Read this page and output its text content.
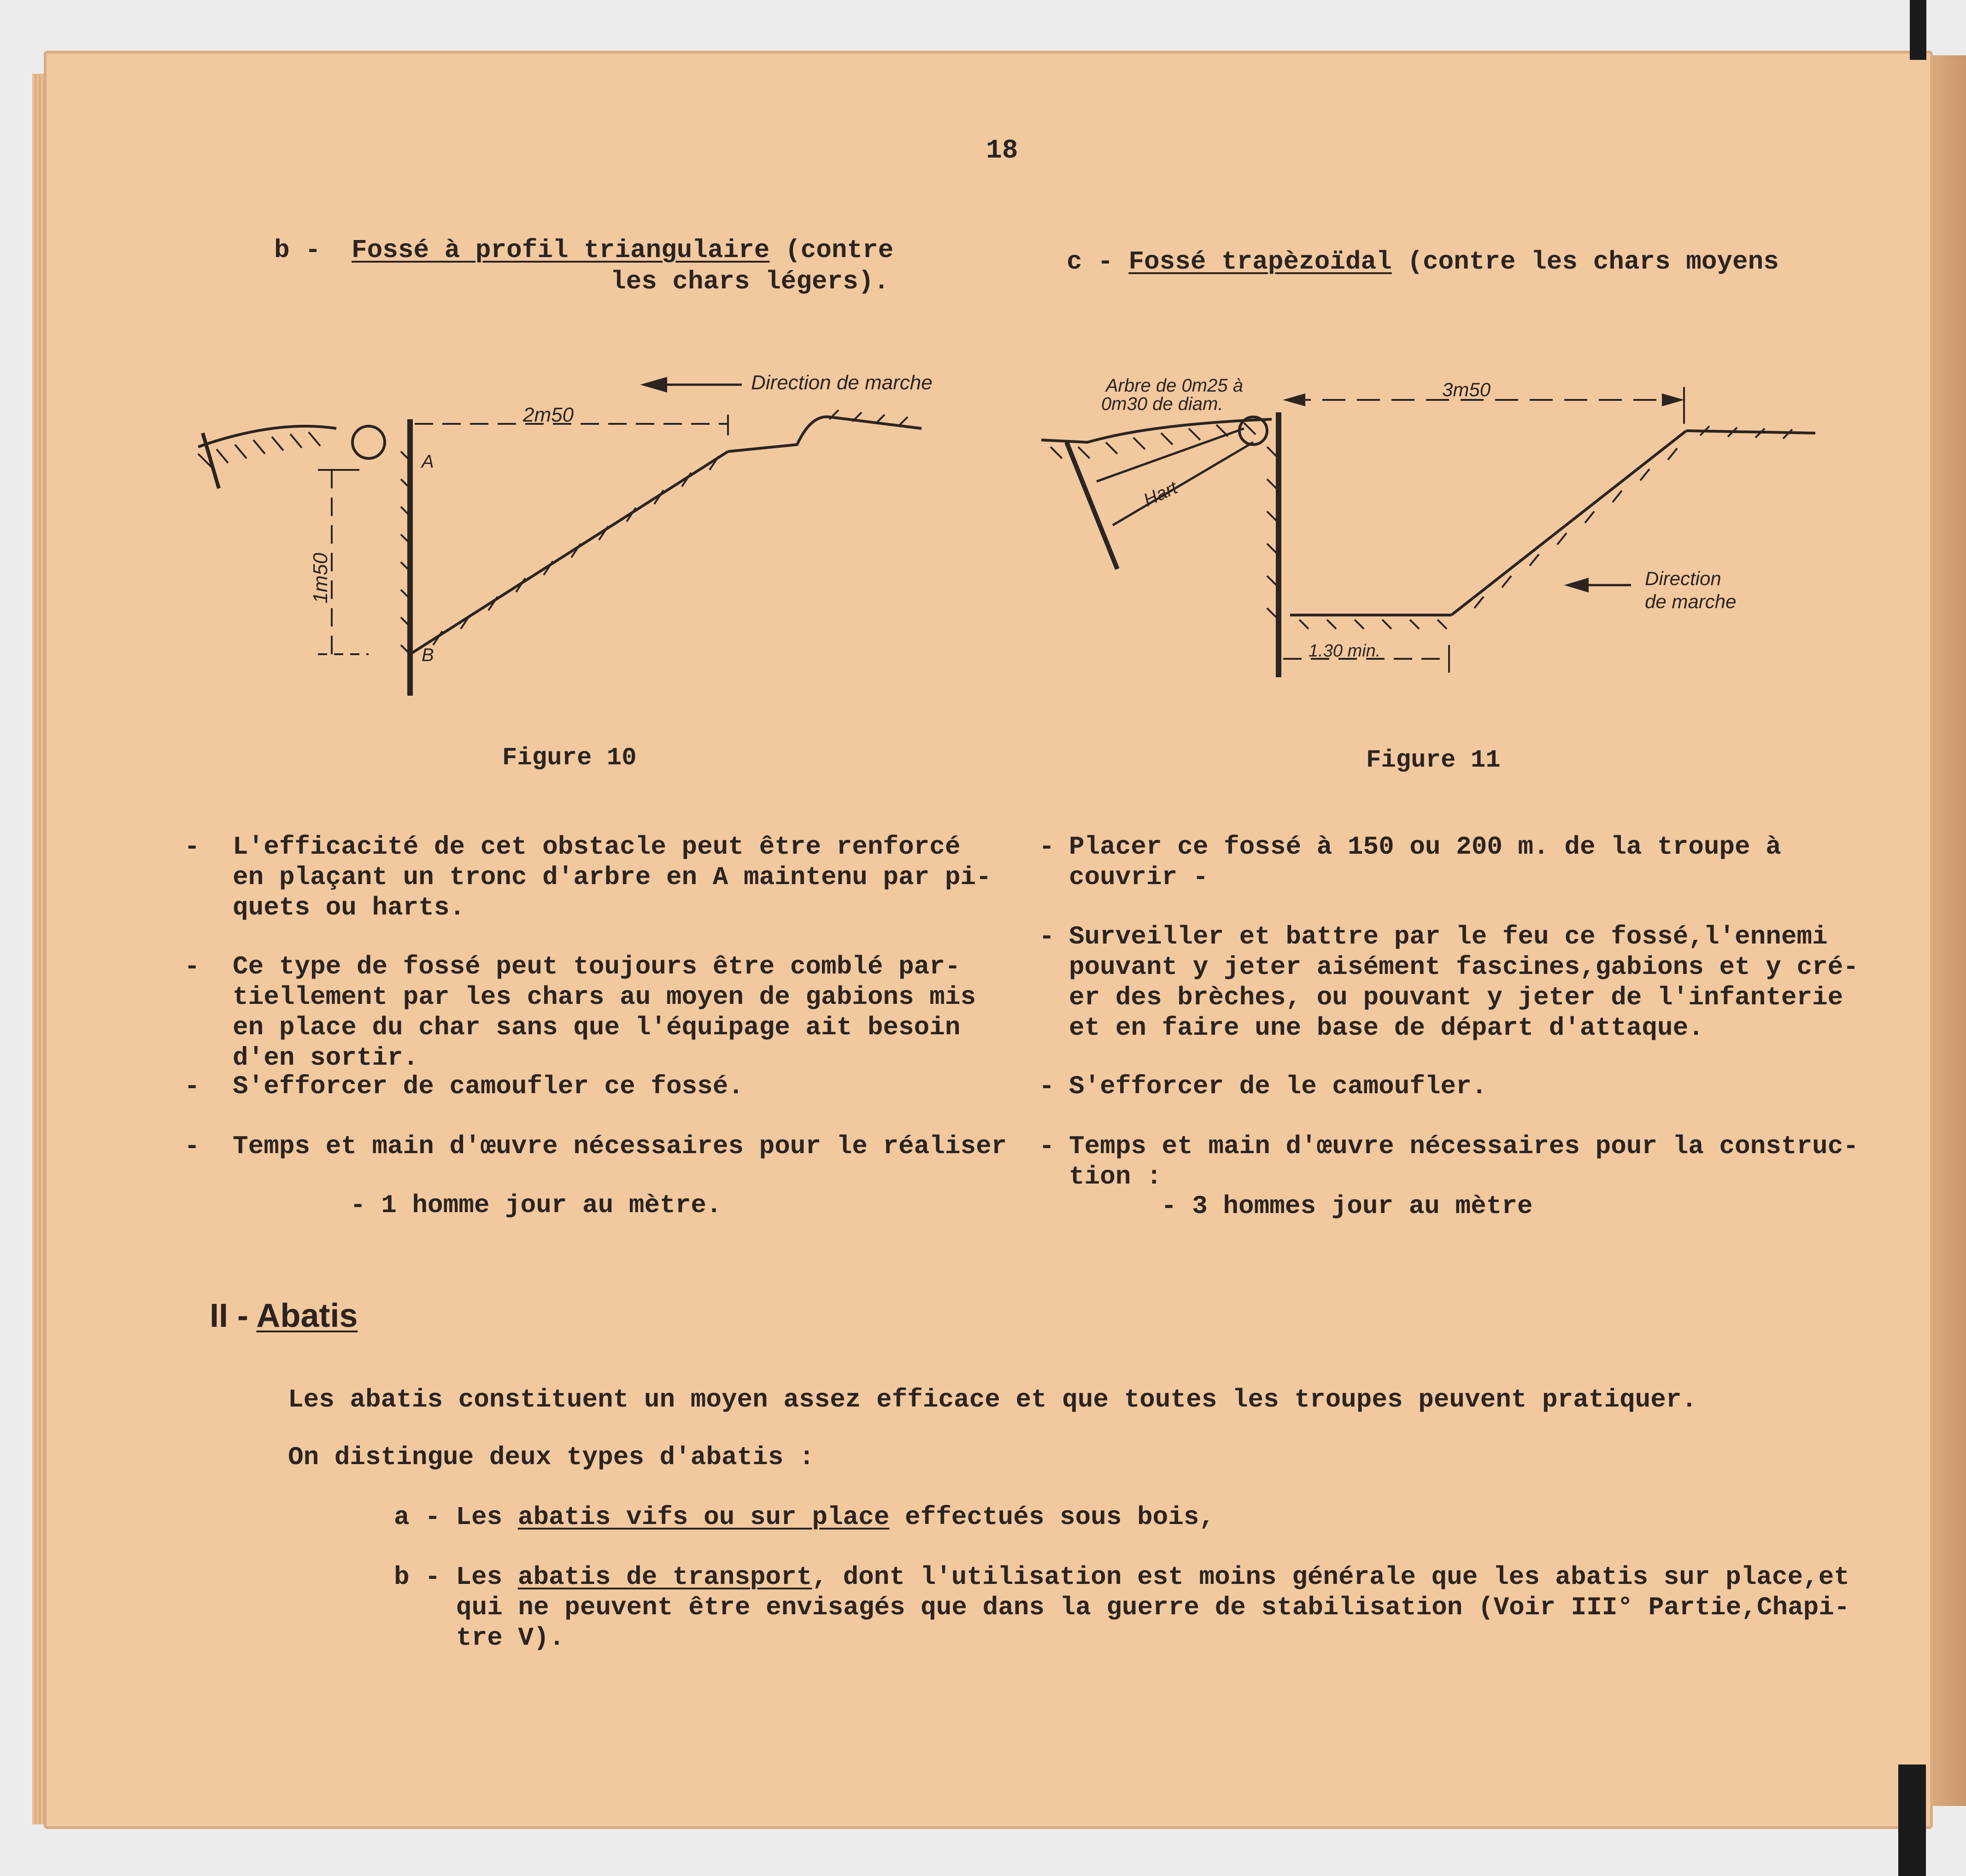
18
b - Fossé à profil triangulaire (contre
les chars légers).
c - Fossé trapèzoïdal (contre les chars moyens
Direction de marche
2m50
1m50
A
B
Figure 10
Arbre de 0m25 à
0m30 de diam.
3m50
Hart
Direction
de marche
1.30 min.
Figure 11
- L'efficacité de cet obstacle peut être renforcé
en plaçant un tronc d'arbre en A maintenu par pi-
quets ou harts.
- Ce type de fossé peut toujours être comblé par-
tiellement par les chars au moyen de gabions mis
en place du char sans que l'équipage ait besoin
d'en sortir.
- S'efforcer de camoufler ce fossé.
- Temps et main d'œuvre nécessaires pour le réaliser
- 1 homme jour au mètre.
- Placer ce fossé à 150 ou 200 m. de la troupe à
couvrir -
- Surveiller et battre par le feu ce fossé,l'ennemi
pouvant y jeter aisément fascines,gabions et y cré-
er des brèches, ou pouvant y jeter de l'infanterie
et en faire une base de départ d'attaque.
- S'efforcer de le camoufler.
- Temps et main d'œuvre nécessaires pour la construc-
tion :
- 3 hommes jour au mètre
II - Abatis
Les abatis constituent un moyen assez efficace et que toutes les troupes peuvent pratiquer.
On distingue deux types d'abatis :
a - Les abatis vifs ou sur place effectués sous bois,
b - Les abatis de transport, dont l'utilisation est moins générale que les abatis sur place,et
qui ne peuvent être envisagés que dans la guerre de stabilisation (Voir III° Partie,Chapi-
tre V).
